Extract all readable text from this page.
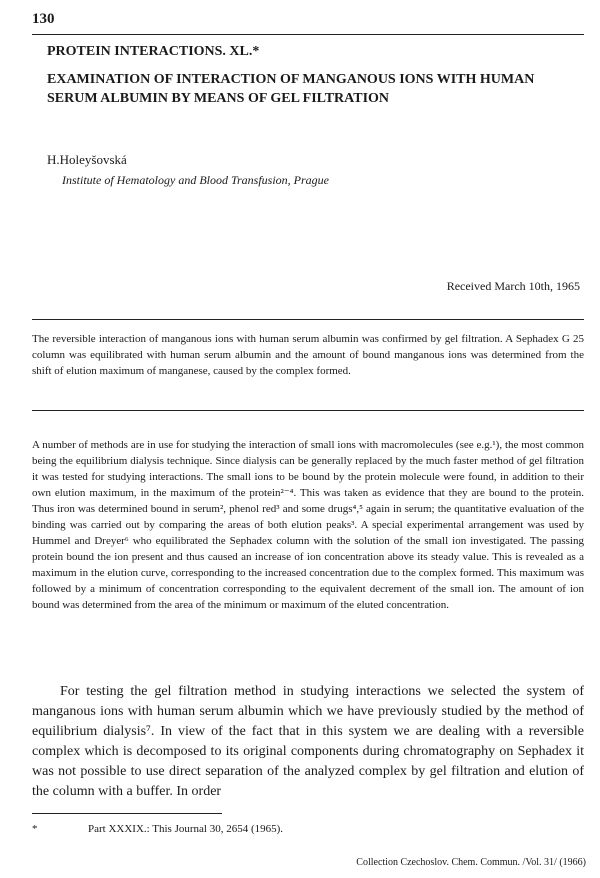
130
PROTEIN INTERACTIONS. XL.*
EXAMINATION OF INTERACTION OF MANGANOUS IONS WITH HUMAN SERUM ALBUMIN BY MEANS OF GEL FILTRATION
H.Holeyšovská
Institute of Hematology and Blood Transfusion, Prague
Received March 10th, 1965

The reversible interaction of manganous ions with human serum albumin was confirmed by gel filtration. A Sephadex G 25 column was equilibrated with human serum albumin and the amount of bound manganous ions was determined from the shift of elution maximum of manganese, caused by the complex formed.

A number of methods are in use for studying the interaction of small ions with macromolecules (see e.g.¹), the most common being the equilibrium dialysis technique. Since dialysis can be generally replaced by the much faster method of gel filtration it was tested for studying interactions. The small ions to be bound by the protein molecule were found, in addition to their own elution maximum, in the maximum of the protein²⁻⁴. This was taken as evidence that they are bound to the protein. Thus iron was determined bound in serum², phenol red³ and some drugs⁴,⁵ again in serum; the quantitative evaluation of the binding was carried out by comparing the areas of both elution peaks³. A special experimental arrangement was used by Hummel and Dreyer⁶ who equilibrated the Sephadex column with the solution of the small ion investigated. The passing protein bound the ion present and thus caused an increase of ion concentration above its steady value. This is revealed as a maximum in the elution curve, corresponding to the increased concentration due to the complex formed. This maximum was followed by a minimum of concentration corresponding to the equivalent decrement of the small ion. The amount of ion bound was determined from the area of the minimum or maximum of the eluted concentration.

For testing the gel filtration method in studying interactions we selected the system of manganous ions with human serum albumin which we have previously studied by the method of equilibrium dialysis⁷. In view of the fact that in this system we are dealing with a reversible complex which is decomposed to its original components during chromatography on Sephadex it was not possible to use direct separation of the analyzed complex by gel filtration and elution of the column with a buffer. In order

*	Part XXXIX.: This Journal 30, 2654 (1965).
Collection Czechoslov. Chem. Commun. /Vol. 31/ (1966)
